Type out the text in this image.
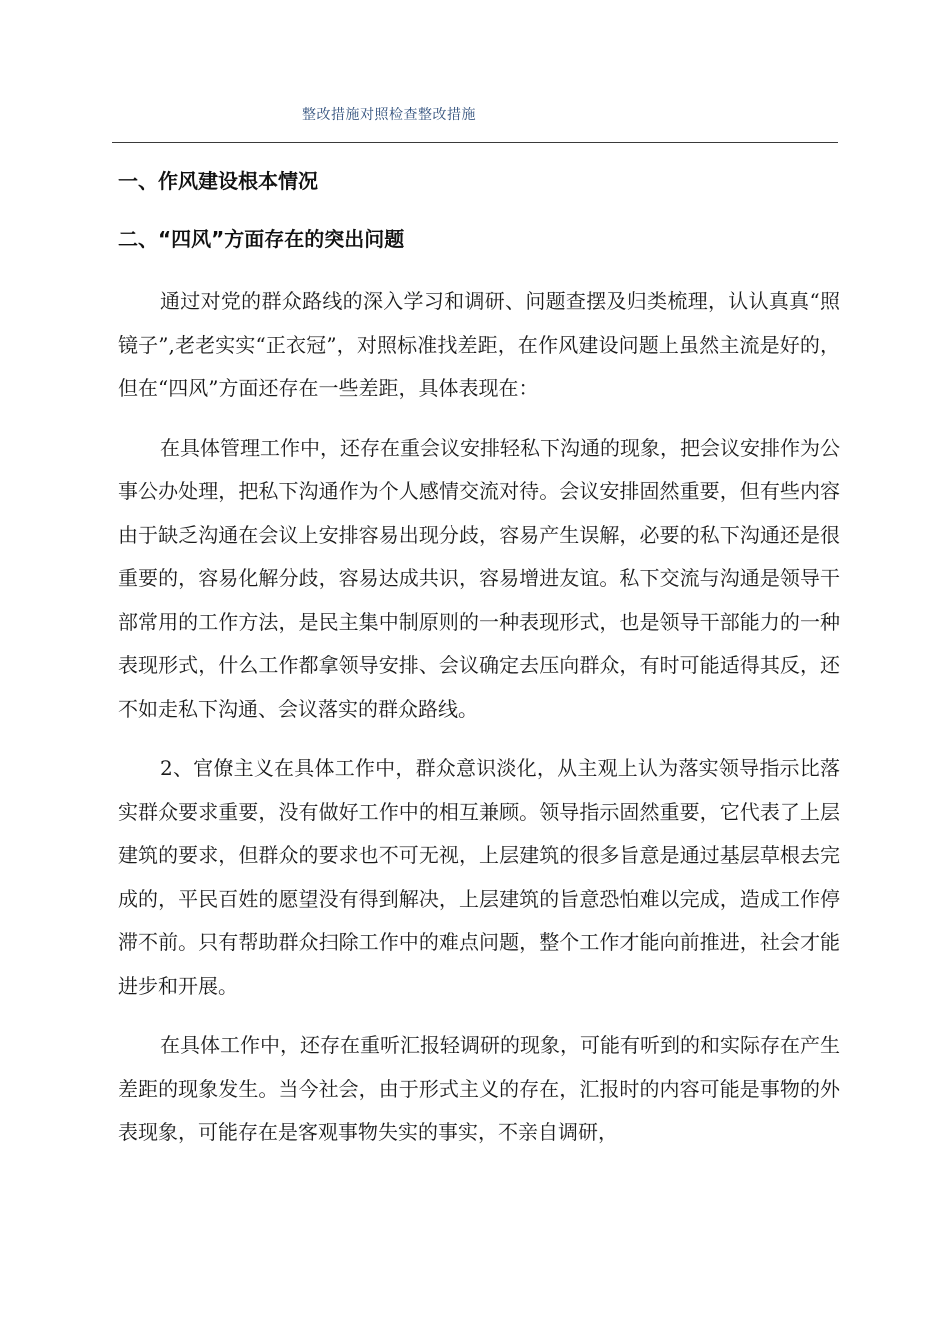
整改措施对照检查整改措施
一、作风建设根本情况
二、“四风”方面存在的突出问题

通过对党的群众路线的深入学习和调研、问题查摆及归类梳理，认认真真“照镜子”,老老实实“正衣冠”，对照标准找差距，在作风建设问题上虽然主流是好的，但在“四风”方面还存在一些差距，具体表现在：

在具体管理工作中，还存在重会议安排轻私下沟通的现象，把会议安排作为公事公办处理，把私下沟通作为个人感情交流对待。会议安排固然重要，但有些内容由于缺乏沟通在会议上安排容易出现分歧，容易产生误解，必要的私下沟通还是很重要的，容易化解分歧，容易达成共识，容易增进友谊。私下交流与沟通是领导干部常用的工作方法，是民主集中制原则的一种表现形式，也是领导干部能力的一种表现形式，什么工作都拿领导安排、会议确定去压向群众，有时可能适得其反，还不如走私下沟通、会议落实的群众路线。

2、官僚主义在具体工作中，群众意识淡化，从主观上认为落实领导指示比落实群众要求重要，没有做好工作中的相互兼顾。领导指示固然重要，它代表了上层建筑的要求，但群众的要求也不可无视，上层建筑的很多旨意是通过基层草根去完成的，平民百姓的愿望没有得到解决，上层建筑的旨意恐怕难以完成，造成工作停滞不前。只有帮助群众扫除工作中的难点问题，整个工作才能向前推进，社会才能进步和开展。

在具体工作中，还存在重听汇报轻调研的现象，可能有听到的和实际存在产生差距的现象发生。当今社会，由于形式主义的存在，汇报时的内容可能是事物的外表现象，可能存在是客观事物失实的事实，不亲自调研，
